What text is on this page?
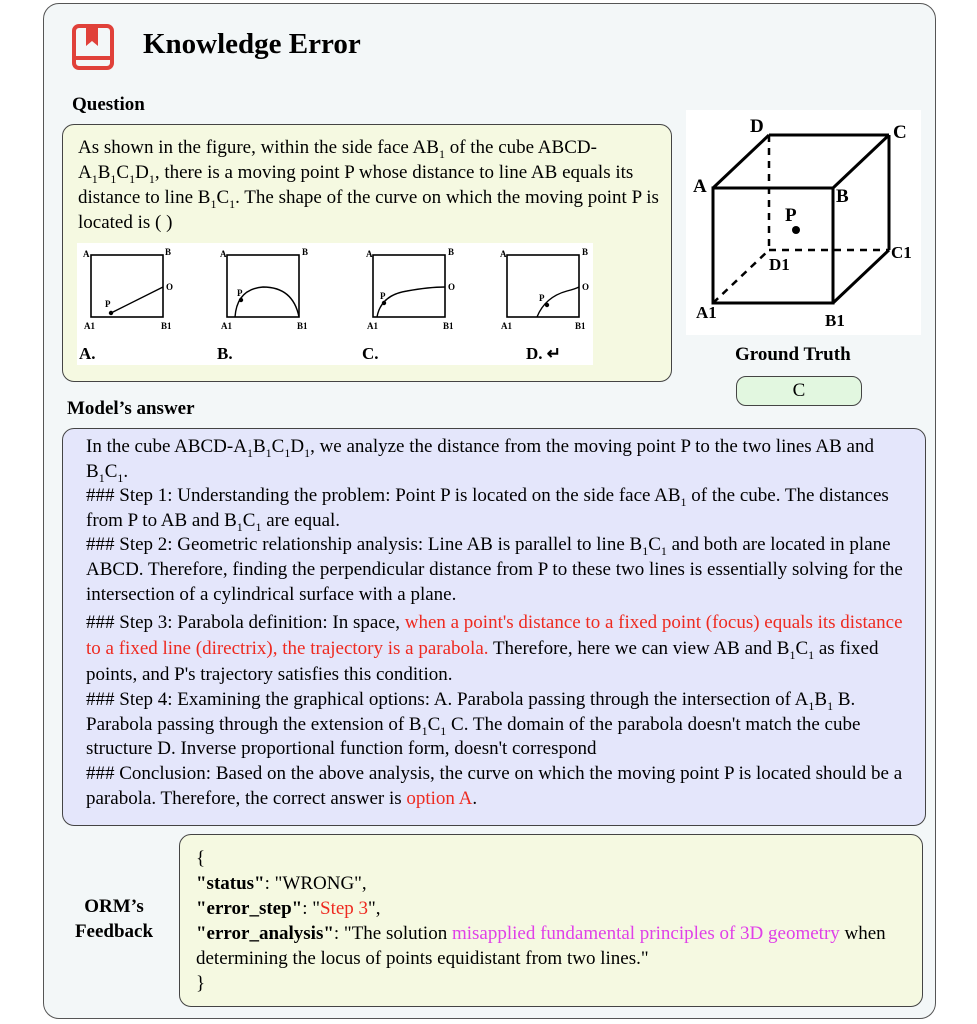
Knowledge Error
Question
As shown in the figure, within the side face $AB_1$ of the cube ABCD-$A_1B_1C_1D_1$, there is a moving point P whose distance to line AB equals its distance to line $B_1C_1$. The shape of the curve on which the moving point P is located is ( )
A	B
A1	B1
P
O
A.
A	B
A1	B1
P
B.
A	B
A1	B1
P
O
C.
A	B
A1	B1
P
O
D. ↵
D	C
A	B
P
D1
C1
A1	B1
Ground Truth
C
Model’s answer
In the cube ABCD-$A_1B_1C_1D_1$, we analyze the distance from the moving point P to the two lines AB and $B_1C_1$.
### Step 1: Understanding the problem: Point P is located on the side face $AB_1$ of the cube. The distances from P to AB and $B_1C_1$ are equal.
### Step 2: Geometric relationship analysis: Line AB is parallel to line $B_1C_1$ and both are located in plane ABCD. Therefore, finding the perpendicular distance from P to these two lines is essentially solving for the intersection of a cylindrical surface with a plane.
### Step 3: Parabola definition: In space, when a point's distance to a fixed point (focus) equals its distance to a fixed line (directrix), the trajectory is a parabola. Therefore, here we can view AB and $B_1C_1$ as fixed points, and P's trajectory satisfies this condition.
### Step 4: Examining the graphical options: A. Parabola passing through the intersection of $A_1B_1$ B. Parabola passing through the extension of $B_1C_1$ C. The domain of the parabola doesn't match the cube structure D. Inverse proportional function form, doesn't correspond
### Conclusion: Based on the above analysis, the curve on which the moving point P is located should be a parabola. Therefore, the correct answer is option A.
ORM’s
Feedback
{
"status": "WRONG",
"error_step": "Step 3",
"error_analysis": "The solution misapplied fundamental principles of 3D geometry when determining the locus of points equidistant from two lines."
}
